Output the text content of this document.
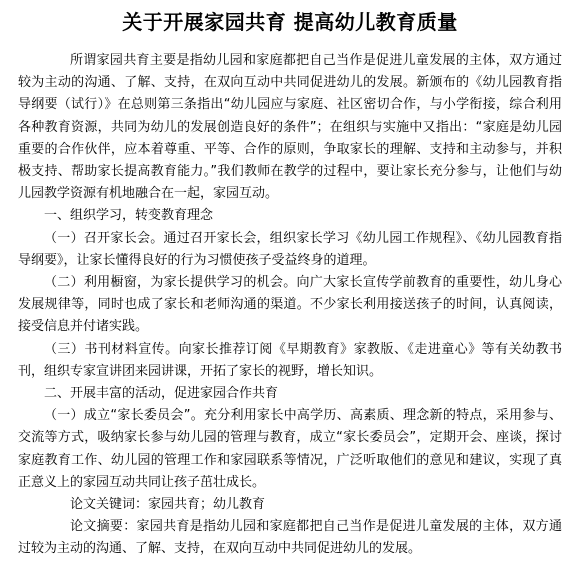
关于开展家园共育 提高幼儿教育质量

所谓家园共育主要是指幼儿园和家庭都把自己当作是促进儿童发展的主体，双方通过较为主动的沟通、了解、支持，在双向互动中共同促进幼儿的发展。新颁布的《幼儿园教育指导纲要（试行）》在总则第三条指出“幼儿园应与家庭、社区密切合作，与小学衔接，综合利用各种教育资源，共同为幼儿的发展创造良好的条件”；在组织与实施中又指出：“家庭是幼儿园重要的合作伙伴，应本着尊重、平等、合作的原则，争取家长的理解、支持和主动参与，并积极支持、帮助家长提高教育能力。”我们教师在教学的过程中，要让家长充分参与，让他们与幼儿园教学资源有机地融合在一起，家园互动。

一、组织学习，转变教育理念

（一）召开家长会。通过召开家长会，组织家长学习《幼儿园工作规程》、《幼儿园教育指导纲要》，让家长懂得良好的行为习惯使孩子受益终身的道理。

（二）利用橱窗，为家长提供学习的机会。向广大家长宣传学前教育的重要性，幼儿身心发展规律等，同时也成了家长和老师沟通的渠道。不少家长利用接送孩子的时间，认真阅读，接受信息并付诸实践。

（三）书刊材料宣传。向家长推荐订阅《早期教育》家教版、《走进童心》等有关幼教书刊，组织专家宣讲团来园讲课，开拓了家长的视野，增长知识。

二、开展丰富的活动，促进家园合作共育

（一）成立“家长委员会”。充分利用家长中高学历、高素质、理念新的特点，采用参与、交流等方式，吸纳家长参与幼儿园的管理与教育，成立“家长委员会”，定期开会、座谈，探讨家庭教育工作、幼儿园的管理工作和家园联系等情况，广泛听取他们的意见和建议，实现了真正意义上的家园互动共同让孩子茁壮成长。

论文关键词：家园共育；幼儿教育

论文摘要：家园共育是指幼儿园和家庭都把自己当作是促进儿童发展的主体，双方通过较为主动的沟通、了解、支持，在双向互动中共同促进幼儿的发展。
